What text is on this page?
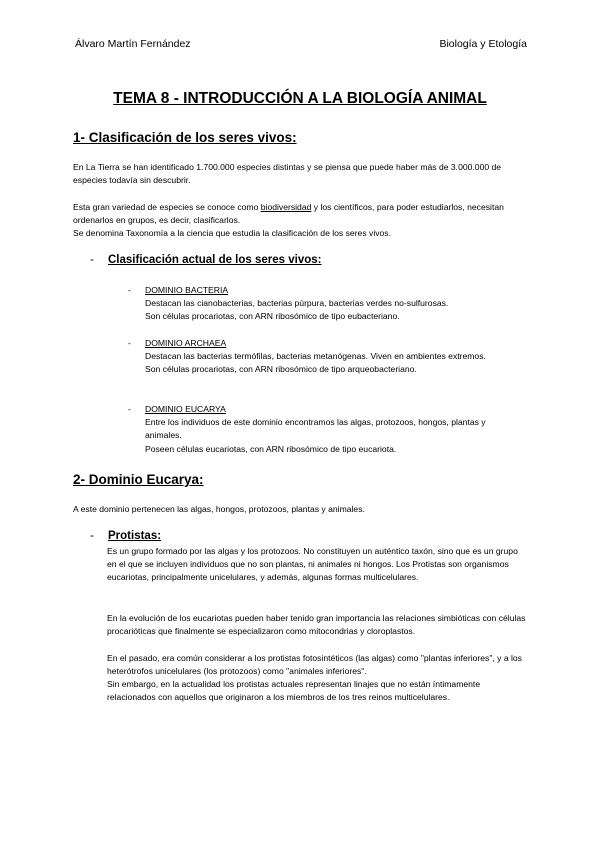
Álvaro Martín Fernández	Biología y Etología
TEMA 8 - INTRODUCCIÓN A LA BIOLOGÍA ANIMAL
1- Clasificación de los seres vivos:
En La Tierra se han identificado 1.700.000 especies distintas y se piensa que puede haber más de 3.000.000 de especies todavía sin descubrir.
Esta gran variedad de especies se conoce como biodiversidad y los científicos, para poder estudiarlos, necesitan ordenarlos en grupos, es decir, clasificarlos.
Se denomina Taxonomía a la ciencia que estudia la clasificación de los seres vivos.
- Clasificación actual de los seres vivos:
-	DOMINIO BACTERIA
Destacan las cianobacterias, bacterias púrpura, bacterias verdes no-sulfurosas.
Son células procariotas, con ARN ribosómico de tipo eubacteriano.
-	DOMINIO ARCHAEA
Destacan las bacterias termófilas, bacterias metanógenas. Viven en ambientes extremos.
Son células procariotas, con ARN ribosómico de tipo arqueobacteriano.
-	DOMINIO EUCARYA
Entre los individuos de este dominio encontramos las algas, protozoos, hongos, plantas y animales.
Poseen células eucariotas, con ARN ribosómico de tipo eucariota.
2- Dominio Eucarya:
A este dominio pertenecen las algas, hongos, protozoos, plantas y animales.
- Protistas:
Es un grupo formado por las algas y los protozoos. No constituyen un auténtico taxón, sino que es un grupo en el que se incluyen individuos que no son plantas, ni animales ni hongos. Los Protistas son organismos eucariotas, principalmente unicelulares, y además, algunas formas multicelulares.
En la evolución de los eucariotas pueden haber tenido gran importancia las relaciones simbióticas con células procarióticas que finalmente se especializaron como mitocondrias y cloroplastos.
En el pasado, era común considerar a los protistas fotosintéticos (las algas) como "plantas inferiores", y a los heterótrofos unicelulares (los protozoos) como "animales inferiores".
Sin embargo, en la actualidad los protistas actuales representan linajes que no están íntimamente relacionados con aquellos que originaron a los miembros de los tres reinos multicelulares.
